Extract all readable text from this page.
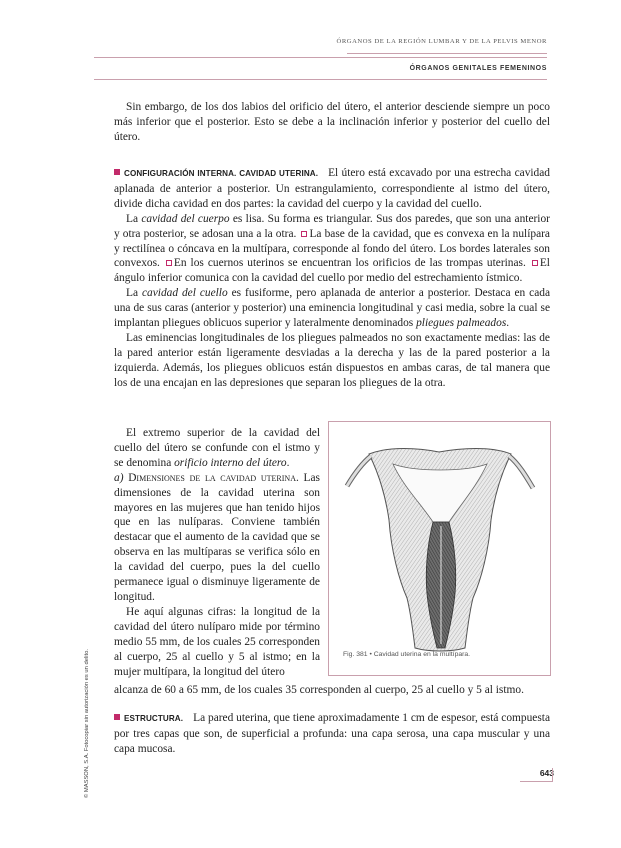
ÓRGANOS DE LA REGIÓN LUMBAR Y DE LA PELVIS MENOR
ÓRGANOS GENITALES FEMENINOS

Sin embargo, de los dos labios del orificio del útero, el anterior desciende siempre un poco más inferior que el posterior. Esto se debe a la inclinación inferior y posterior del cuello del útero.

CONFIGURACIÓN INTERNA. CAVIDAD UTERINA. El útero está excavado por una estrecha cavidad aplanada de anterior a posterior. Un estrangulamiento, correspondiente al istmo del útero, divide dicha cavidad en dos partes: la cavidad del cuerpo y la cavidad del cuello.

La cavidad del cuerpo es lisa. Su forma es triangular. Sus dos paredes, que son una anterior y otra posterior, se adosan una a la otra. La base de la cavidad, que es convexa en la nulípara y rectilínea o cóncava en la multípara, corresponde al fondo del útero. Los bordes laterales son convexos. En los cuernos uterinos se encuentran los orificios de las trompas uterinas. El ángulo inferior comunica con la cavidad del cuello por medio del estrechamiento ístmico.

La cavidad del cuello es fusiforme, pero aplanada de anterior a posterior. Destaca en cada una de sus caras (anterior y posterior) una eminencia longitudinal y casi media, sobre la cual se implantan pliegues oblicuos superior y lateralmente denominados pliegues palmeados.

Las eminencias longitudinales de los pliegues palmeados no son exactamente medias: las de la pared anterior están ligeramente desviadas a la derecha y las de la pared posterior a la izquierda. Además, los pliegues oblicuos están dispuestos en ambas caras, de tal manera que los de una encajan en las depresiones que separan los pliegues de la otra.

El extremo superior de la cavidad del cuello del útero se confunde con el istmo y se denomina orificio interno del útero.

a) Dimensiones de la cavidad uterina. Las dimensiones de la cavidad uterina son mayores en las mujeres que han tenido hijos que en las nulíparas. Conviene también destacar que el aumento de la cavidad que se observa en las multíparas se verifica sólo en la cavidad del cuerpo, pues la del cuello permanece igual o disminuye ligeramente de longitud.

He aquí algunas cifras: la longitud de la cavidad del útero nulíparo mide por término medio 55 mm, de los cuales 25 corresponden al cuerpo, 25 al cuello y 5 al istmo; en la mujer multípara, la longitud del útero

alcanza de 60 a 65 mm, de los cuales 35 corresponden al cuerpo, 25 al cuello y 5 al istmo.

Fig. 381 • Cavidad uterina en la multípara.

ESTRUCTURA. La pared uterina, que tiene aproximadamente 1 cm de espesor, está compuesta por tres capas que son, de superficial a profunda: una capa serosa, una capa muscular y una capa mucosa.

© MASSON, S.A. Fotocopiar sin autorización es un delito.	643
